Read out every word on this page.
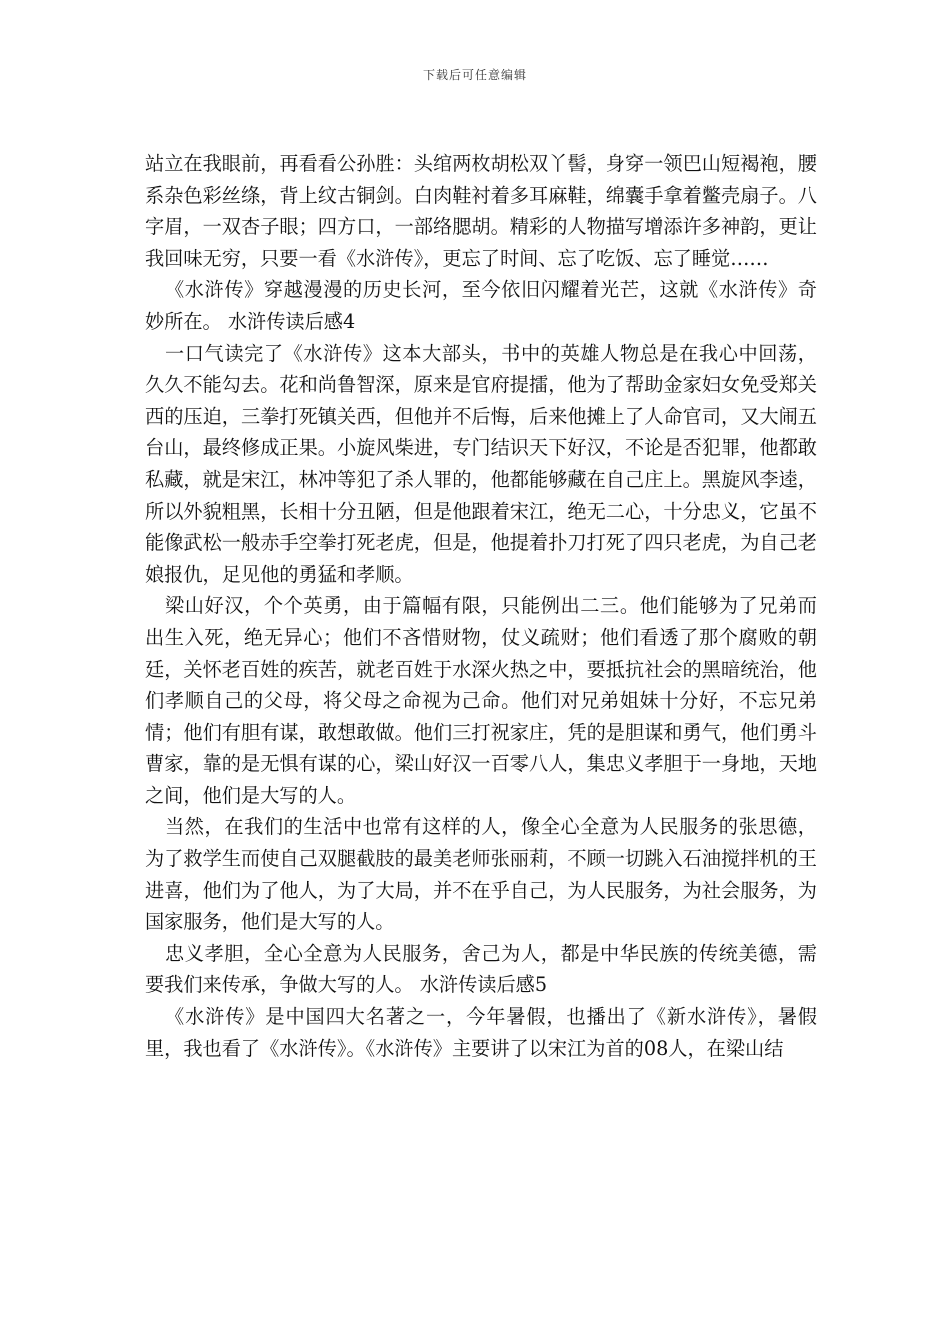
下载后可任意编辑

站立在我眼前，再看看公孙胜：头绾两枚胡松双丫髻，身穿一领巴山短褐袍，腰系杂色彩丝绦，背上纹古铜剑。白肉鞋衬着多耳麻鞋，绵囊手拿着鳖壳扇子。八字眉，一双杏子眼；四方口，一部络腮胡。精彩的人物描写增添许多神韵，更让我回味无穷，只要一看《水浒传》，更忘了时间、忘了吃饭、忘了睡觉……

《水浒传》穿越漫漫的历史长河，至今依旧闪耀着光芒，这就《水浒传》奇妙所在。 水浒传读后感4

一口气读完了《水浒传》这本大部头，书中的英雄人物总是在我心中回荡，久久不能勾去。花和尚鲁智深，原来是官府提擂，他为了帮助金家妇女免受郑关西的压迫，三拳打死镇关西，但他并不后悔，后来他摊上了人命官司，又大闹五台山，最终修成正果。小旋风柴进，专门结识天下好汉，不论是否犯罪，他都敢私藏，就是宋江，林冲等犯了杀人罪的，他都能够藏在自己庄上。黑旋风李逵，所以外貌粗黑，长相十分丑陋，但是他跟着宋江，绝无二心，十分忠义，它虽不能像武松一般赤手空拳打死老虎，但是，他提着扑刀打死了四只老虎，为自己老娘报仇，足见他的勇猛和孝顺。

梁山好汉，个个英勇，由于篇幅有限，只能例出二三。他们能够为了兄弟而出生入死，绝无异心；他们不吝惜财物，仗义疏财；他们看透了那个腐败的朝廷，关怀老百姓的疾苦，就老百姓于水深火热之中，要抵抗社会的黑暗统治，他们孝顺自己的父母，将父母之命视为己命。他们对兄弟姐妹十分好，不忘兄弟情；他们有胆有谋，敢想敢做。他们三打祝家庄，凭的是胆谋和勇气，他们勇斗曹家，靠的是无惧有谋的心，梁山好汉一百零八人，集忠义孝胆于一身地，天地之间，他们是大写的人。

当然，在我们的生活中也常有这样的人，像全心全意为人民服务的张思德，为了救学生而使自己双腿截肢的最美老师张丽莉，不顾一切跳入石油搅拌机的王进喜，他们为了他人，为了大局，并不在乎自己，为人民服务，为社会服务，为国家服务，他们是大写的人。

忠义孝胆，全心全意为人民服务，舍己为人，都是中华民族的传统美德，需要我们来传承，争做大写的人。 水浒传读后感5

《水浒传》是中国四大名著之一，今年暑假，也播出了《新水浒传》，暑假里，我也看了《水浒传》。《水浒传》主要讲了以宋江为首的08人，在梁山结
